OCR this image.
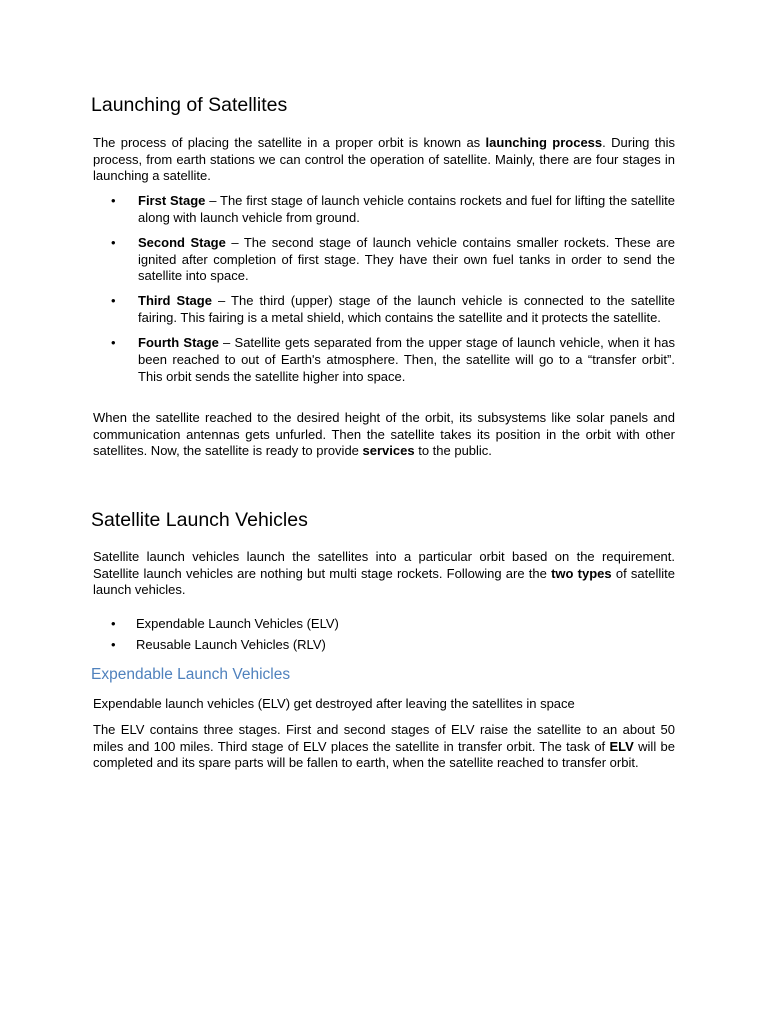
Launching of Satellites

The process of placing the satellite in a proper orbit is known as launching process. During this process, from earth stations we can control the operation of satellite. Mainly, there are four stages in launching a satellite.

• First Stage – The first stage of launch vehicle contains rockets and fuel for lifting the satellite along with launch vehicle from ground.
• Second Stage – The second stage of launch vehicle contains smaller rockets. These are ignited after completion of first stage. They have their own fuel tanks in order to send the satellite into space.
• Third Stage – The third (upper) stage of the launch vehicle is connected to the satellite fairing. This fairing is a metal shield, which contains the satellite and it protects the satellite.
• Fourth Stage – Satellite gets separated from the upper stage of launch vehicle, when it has been reached to out of Earth's atmosphere. Then, the satellite will go to a “transfer orbit”. This orbit sends the satellite higher into space.

When the satellite reached to the desired height of the orbit, its subsystems like solar panels and communication antennas gets unfurled. Then the satellite takes its position in the orbit with other satellites. Now, the satellite is ready to provide services to the public.

Satellite Launch Vehicles

Satellite launch vehicles launch the satellites into a particular orbit based on the requirement. Satellite launch vehicles are nothing but multi stage rockets. Following are the two types of satellite launch vehicles.

• Expendable Launch Vehicles (ELV)
• Reusable Launch Vehicles (RLV)
Expendable Launch Vehicles

Expendable launch vehicles (ELV) get destroyed after leaving the satellites in space

The ELV contains three stages. First and second stages of ELV raise the satellite to an about 50 miles and 100 miles. Third stage of ELV places the satellite in transfer orbit. The task of ELV will be completed and its spare parts will be fallen to earth, when the satellite reached to transfer orbit.
